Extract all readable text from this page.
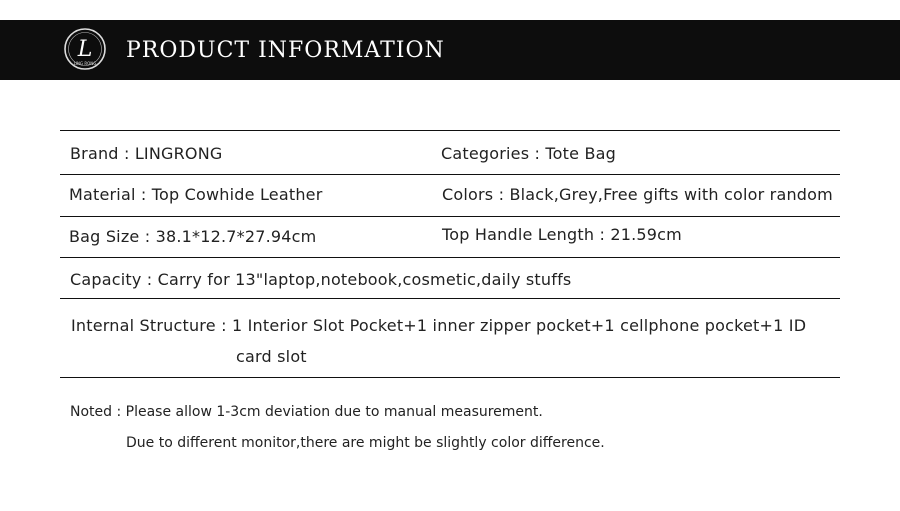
L
LING RONG
PRODUCT INFORMATION
Brand : LINGRONG	Categories : Tote Bag
Material : Top Cowhide Leather	Colors : Black,Grey,Free gifts with color random
Bag Size : 38.1*12.7*27.94cm	Top Handle Length : 21.59cm
Capacity : Carry for 13"laptop,notebook,cosmetic,daily stuffs
Internal Structure : 1 Interior Slot Pocket+1 inner zipper pocket+1 cellphone pocket+1 ID
card slot
Noted : Please allow 1-3cm deviation due to manual measurement.
Due to different monitor,there are might be slightly color difference.
